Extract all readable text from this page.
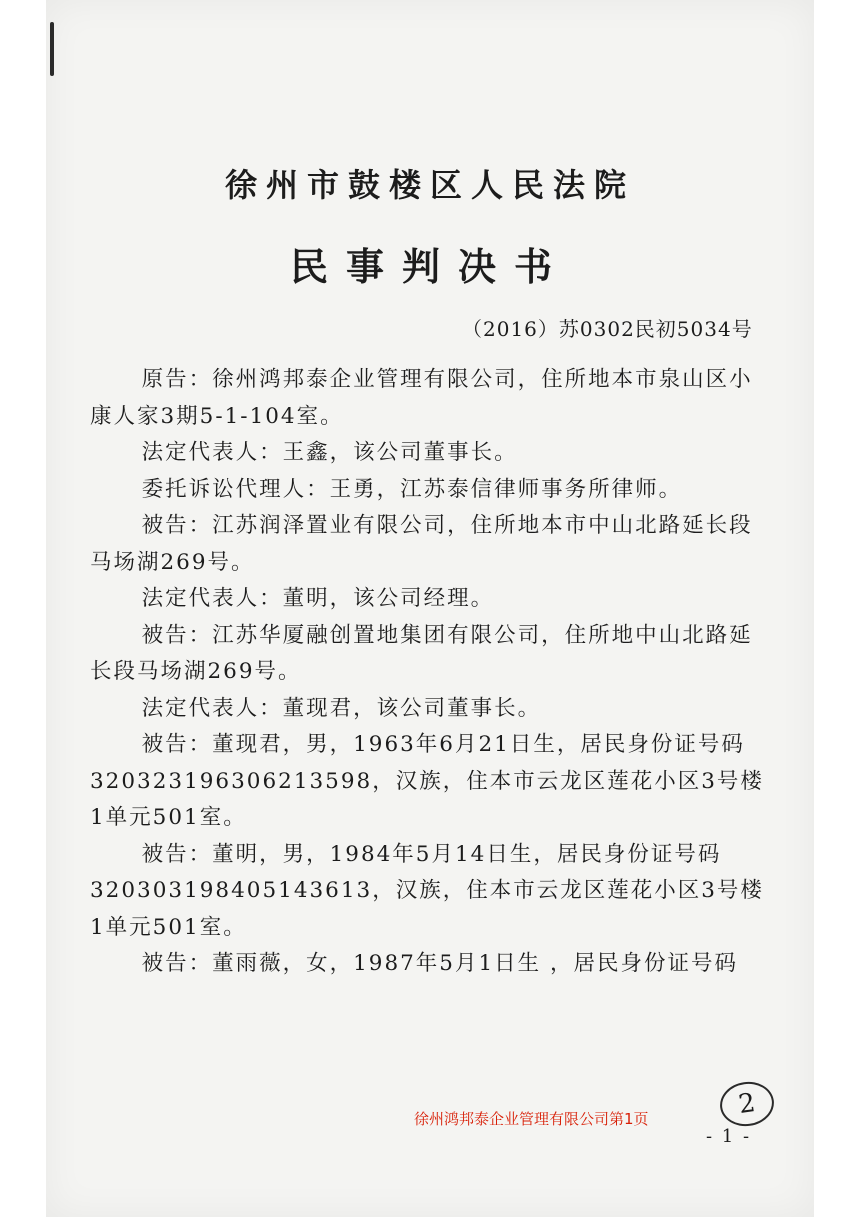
徐州市鼓楼区人民法院
民事判决书
（2016）苏0302民初5034号

原告：徐州鸿邦泰企业管理有限公司，住所地本市泉山区小康人家3期5-1-104室。

法定代表人：王鑫，该公司董事长。

委托诉讼代理人：王勇，江苏泰信律师事务所律师。

被告：江苏润泽置业有限公司，住所地本市中山北路延长段马场湖269号。

法定代表人：董明，该公司经理。

被告：江苏华厦融创置地集团有限公司，住所地中山北路延长段马场湖269号。

法定代表人：董现君，该公司董事长。

被告：董现君，男，1963年6月21日生，居民身份证号码320323196306213598，汉族，住本市云龙区莲花小区3号楼1单元501室。

被告：董明，男，1984年5月14日生，居民身份证号码320303198405143613，汉族，住本市云龙区莲花小区3号楼1单元501室。

被告：董雨薇，女，1987年5月1日生 ，居民身份证号码

徐州鸿邦泰企业管理有限公司第1页	2
- 1 -
